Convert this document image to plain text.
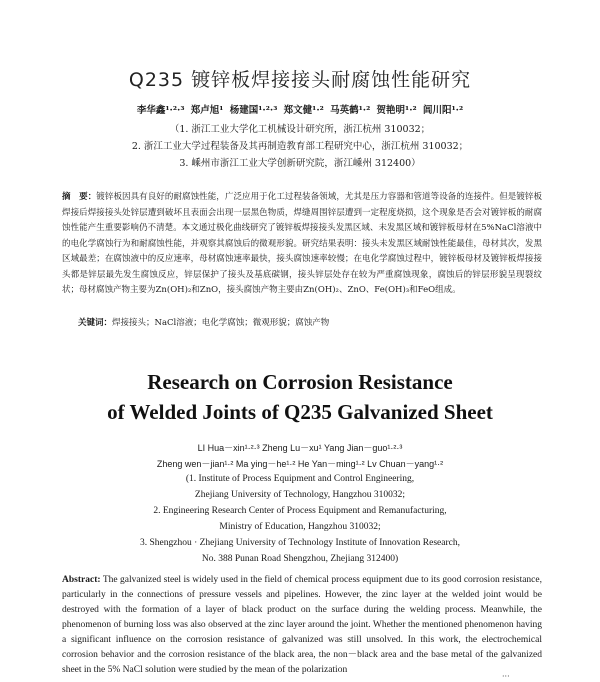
Q235 镀锌板焊接接头耐腐蚀性能研究
李华鑫¹·²·³ 郑卢旭¹ 杨建国¹·²·³ 郑文健¹·² 马英鹤¹·² 贺艳明¹·² 闾川阳¹·²
（1. 浙江工业大学化工机械设计研究所，浙江杭州 310032；
2. 浙江工业大学过程装备及其再制造教育部工程研究中心，浙江杭州 310032；
3. 嵊州市浙江工业大学创新研究院，浙江嵊州 312400）
摘　要：镀锌板因具有良好的耐腐蚀性能，广泛应用于化工过程装备领域，尤其是压力容器和管道等设备的连接件。但是镀锌板焊接后焊接接头处锌层遭到破坏且表面会出现一层黑色物质，焊缝周围锌层遭到一定程度烧损，这个现象是否会对镀锌板的耐腐蚀性能产生重要影响仍不清楚。本文通过极化曲线研究了镀锌板焊接接头发黑区域、未发黑区域和镀锌板母材在5%NaCl溶液中的电化学腐蚀行为和耐腐蚀性能，并观察其腐蚀后的微观形貌。研究结果表明：接头未发黑区域耐蚀性能最佳，母材其次，发黑区域最差；在腐蚀液中的反应速率，母材腐蚀速率最快，接头腐蚀速率较慢；在电化学腐蚀过程中，镀锌板母材及镀锌板焊接接头都是锌层最先发生腐蚀反应，锌层保护了接头及基底碳钢，接头锌层处存在较为严重腐蚀现象，腐蚀后的锌层形貌呈现裂纹状；母材腐蚀产物主要为Zn(OH)₂和ZnO，接头腐蚀产物主要由Zn(OH)₂、ZnO、Fe(OH)₃和FeO组成。
关键词：焊接接头；NaCl溶液；电化学腐蚀；微观形貌；腐蚀产物
Research on Corrosion Resistance
of Welded Joints of Q235 Galvanized Sheet
LI Hua－xin¹·²·³ Zheng Lu－xu¹ Yang Jian－guo¹·²·³
Zheng wen－jian¹·² Ma ying－he¹·² He Yan－ming¹·² Lv Chuan－yang¹·²
(1. Institute of Process Equipment and Control Engineering,
Zhejiang University of Technology, Hangzhou 310032;
2. Engineering Research Center of Process Equipment and Remanufacturing,
Ministry of Education, Hangzhou 310032;
3. Shengzhou · Zhejiang University of Technology Institute of Innovation Research,
No. 388 Punan Road Shengzhou, Zhejiang 312400)
Abstract: The galvanized steel is widely used in the field of chemical process equipment due to its good corrosion resistance, particularly in the connections of pressure vessels and pipelines. However, the zinc layer at the welded joint would be destroyed with the formation of a layer of black product on the surface during the welding process. Meanwhile, the phenomenon of burning loss was also observed at the zinc layer around the joint. Whether the mentioned phenomenon having a significant influence on the corrosion resistance of galvanized was still unsolved. In this work, the electrochemical corrosion behavior and the corrosion resistance of the black area, the non－black area and the base metal of the galvanized sheet in the 5% NaCl solution were studied by the mean of the polarization
···
